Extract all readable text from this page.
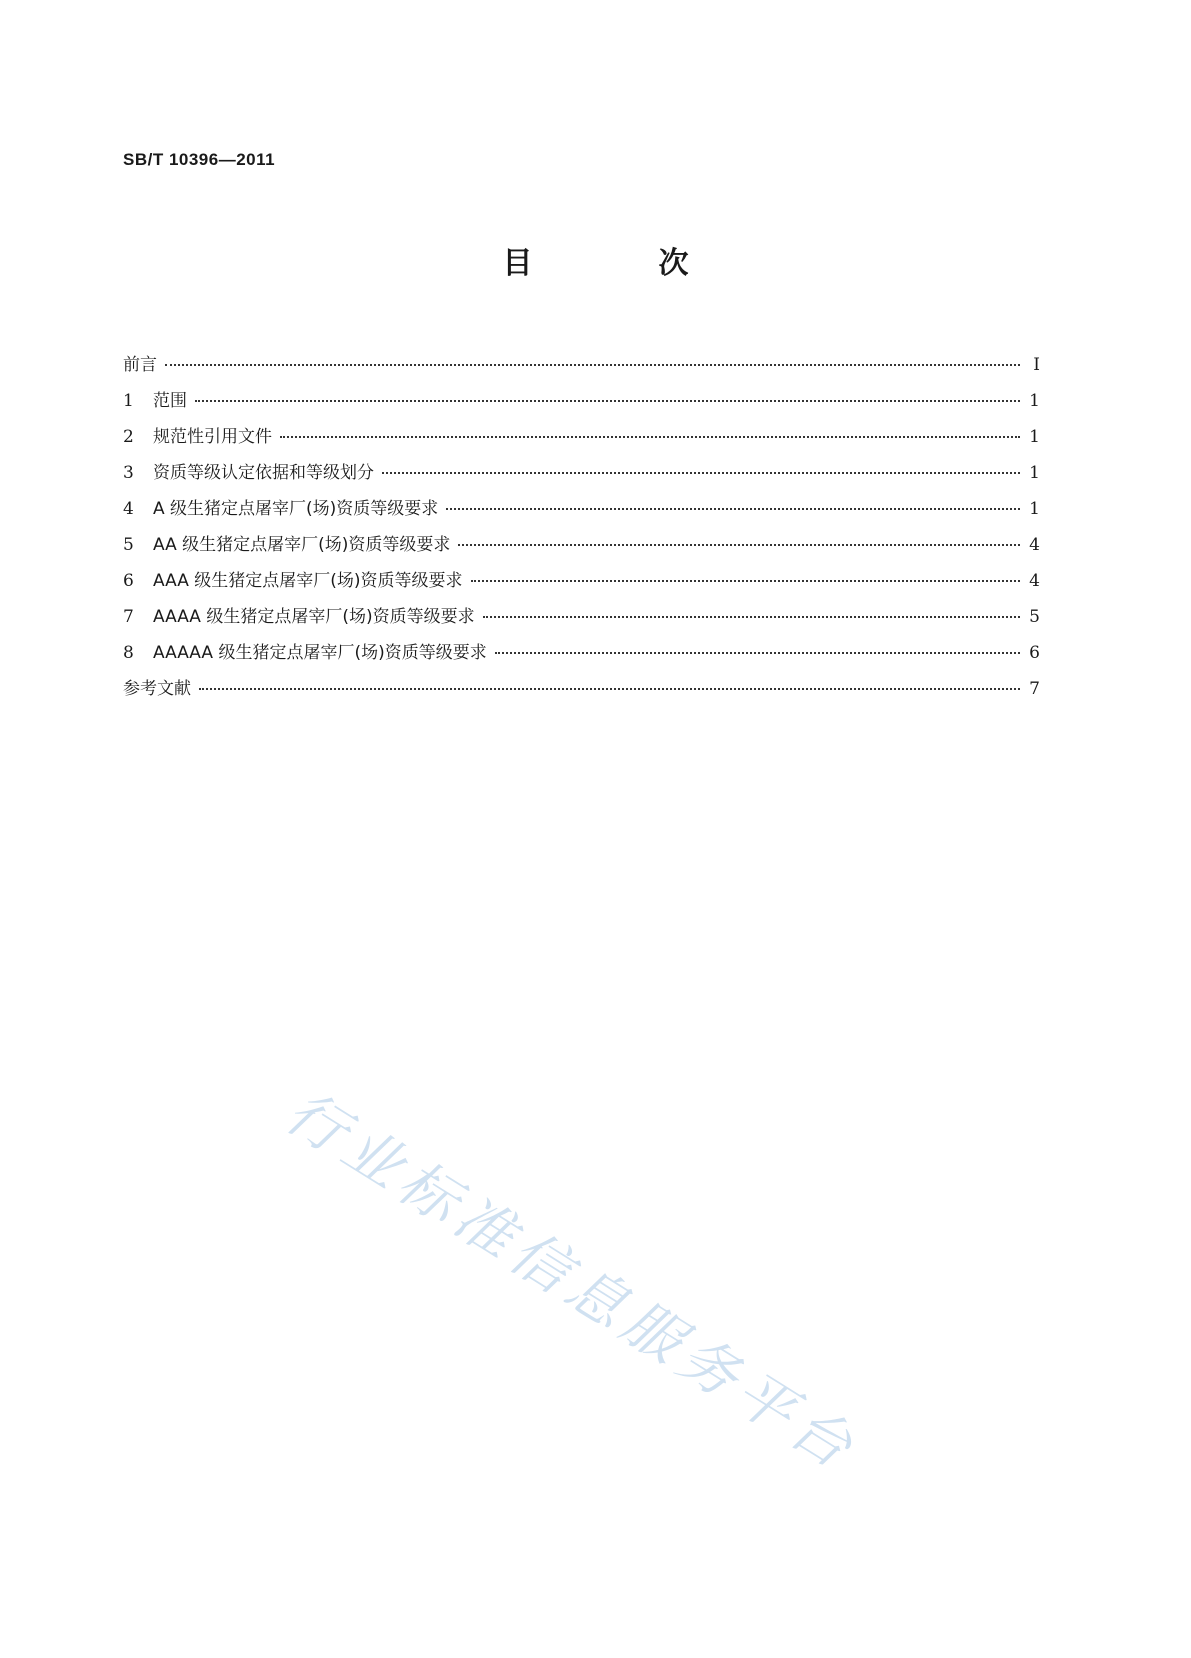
SB/T 10396—2011
目　次
前言	I
1	范围	1
2	规范性引用文件	1
3	资质等级认定依据和等级划分	1
4	A 级生猪定点屠宰厂(场)资质等级要求	1
5	AA 级生猪定点屠宰厂(场)资质等级要求	4
6	AAA 级生猪定点屠宰厂(场)资质等级要求	4
7	AAAA 级生猪定点屠宰厂(场)资质等级要求	5
8	AAAAA 级生猪定点屠宰厂(场)资质等级要求	6
参考文献	7
行业标准信息服务平台
